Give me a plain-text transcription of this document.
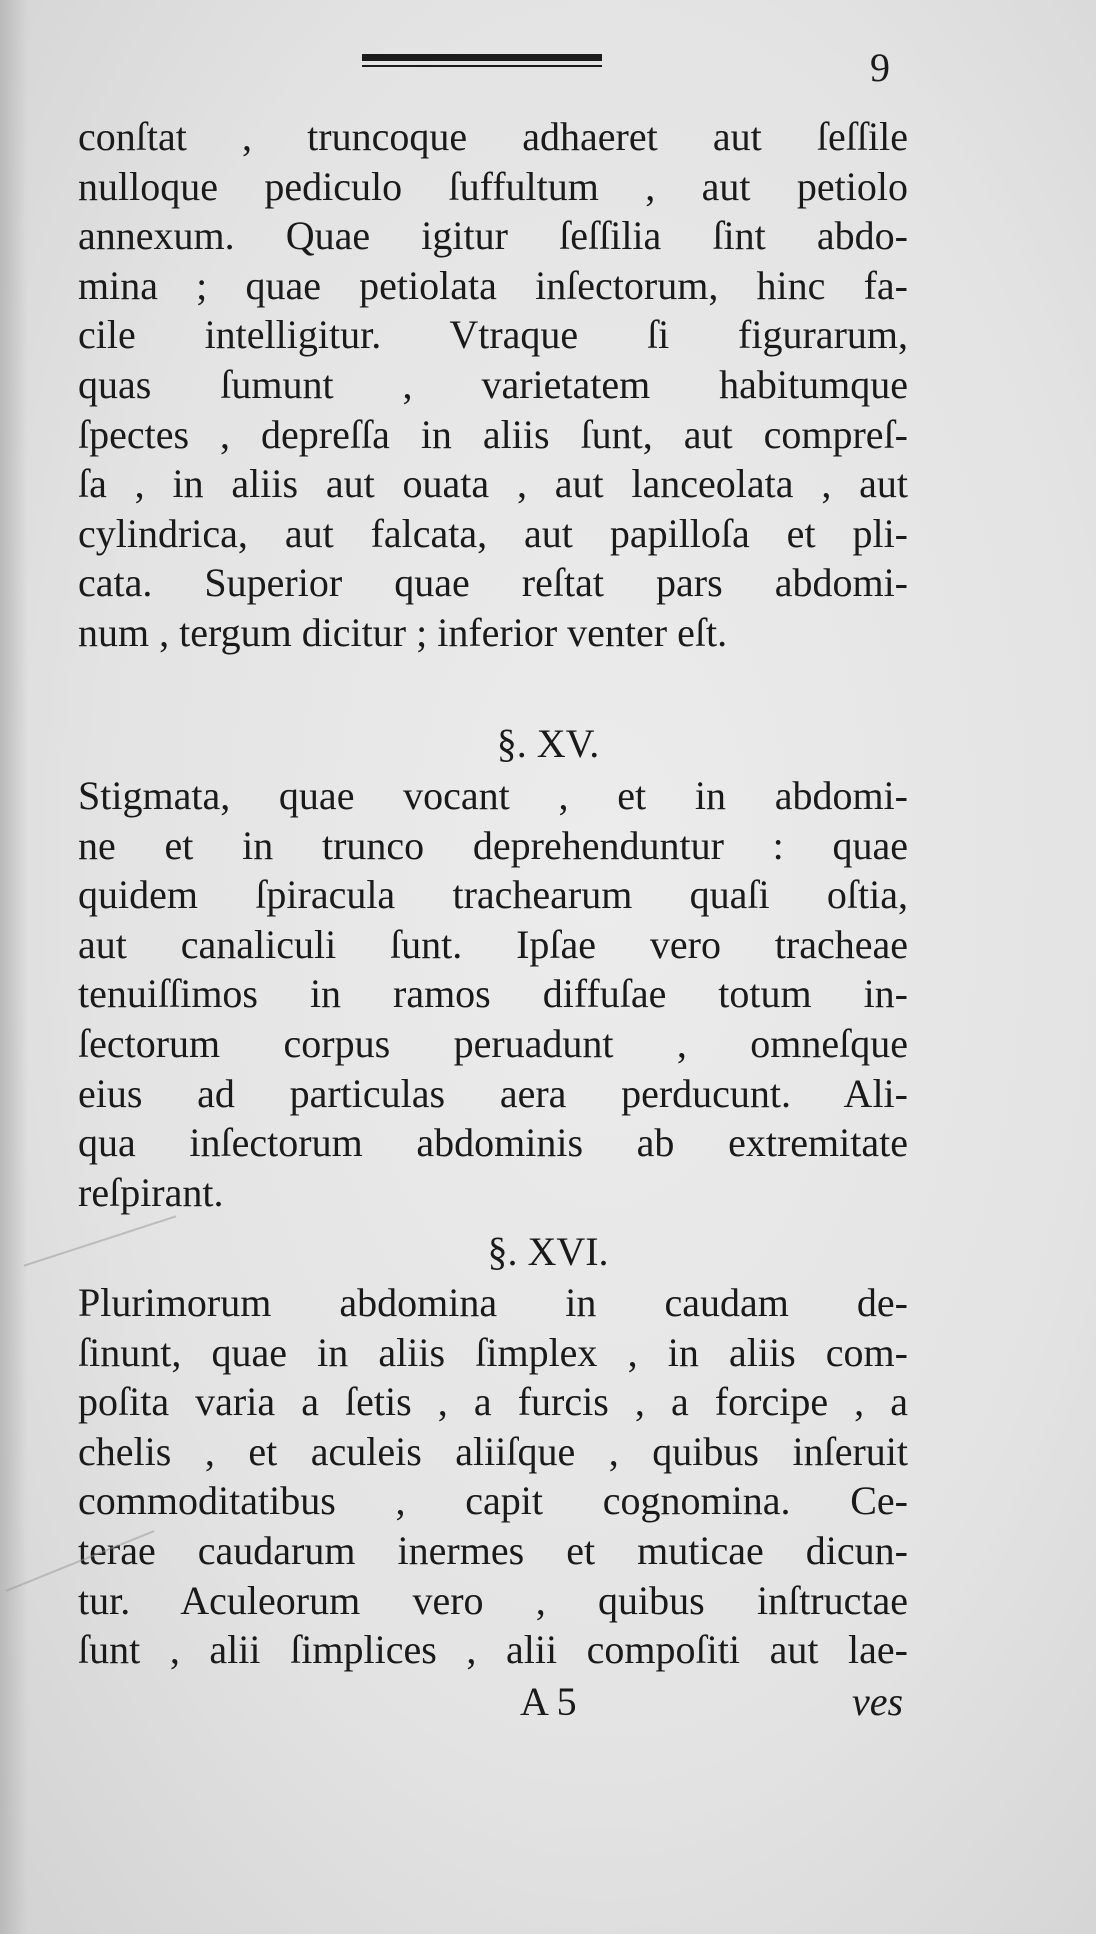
9
conſtat , truncoque adhaeret aut ſeſſile
nulloque pediculo ſuffultum , aut petiolo
annexum. Quae igitur ſeſſilia ſint abdo-
mina ; quae petiolata inſectorum, hinc fa-
cile intelligitur. Vtraque ſi figurarum,
quas ſumunt , varietatem habitumque
ſpectes , depreſſa in aliis ſunt, aut compreſ-
ſa , in aliis aut ouata , aut lanceolata , aut
cylindrica, aut falcata, aut papilloſa et pli-
cata. Superior quae reſtat pars abdomi-
num , tergum dicitur ; inferior venter eſt.
§. XV.
Stigmata, quae vocant , et in abdomi-
ne et in trunco deprehenduntur : quae
quidem ſpiracula trachearum quaſi oſtia,
aut canaliculi ſunt. Ipſae vero tracheae
tenuiſſimos in ramos diffuſae totum in-
ſectorum corpus peruadunt , omneſque
eius ad particulas aera perducunt. Ali-
qua inſectorum abdominis ab extremitate
reſpirant.
§. XVI.
Plurimorum abdomina in caudam de-
ſinunt, quae in aliis ſimplex , in aliis com-
poſita varia a ſetis , a furcis , a forcipe , a
chelis , et aculeis aliiſque , quibus inſeruit
commoditatibus , capit cognomina. Ce-
terae caudarum inermes et muticae dicun-
tur. Aculeorum vero , quibus inſtructae
ſunt , alii ſimplices , alii compoſiti aut lae-
A 5	ves
